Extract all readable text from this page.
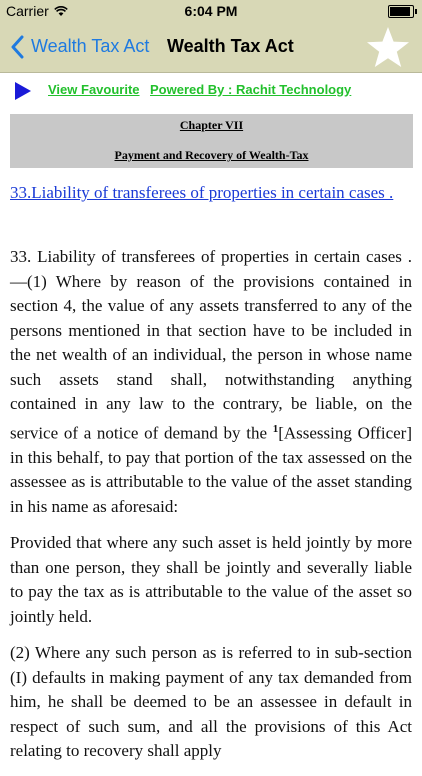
Carrier	6:04 PM
Wealth Tax Act Wealth Tax Act
View Favourite Powered By : Rachit Technology
Chapter VII
Payment and Recovery of Wealth-Tax
33.Liability of transferees of properties in certain cases .

33. Liability of transferees of properties in certain cases .—(1) Where by reason of the provisions contained in section 4, the value of any assets transferred to any of the persons mentioned in that section have to be included in the net wealth of an individual, the person in whose name such assets stand shall, notwithstanding anything contained in any law to the contrary, be liable, on the service of a notice of demand by the $^1$[Assessing Officer] in this behalf, to pay that portion of the tax assessed on the assessee as is attributable to the value of the asset standing in his name as aforesaid:

Provided that where any such asset is held jointly by more than one person, they shall be jointly and severally liable to pay the tax as is attributable to the value of the asset so jointly held.

(2) Where any such person as is referred to in sub-section (I) defaults in making payment of any tax demanded from him, he shall be deemed to be an assessee in default in respect of such sum, and all the provisions of this Act relating to recovery shall apply
